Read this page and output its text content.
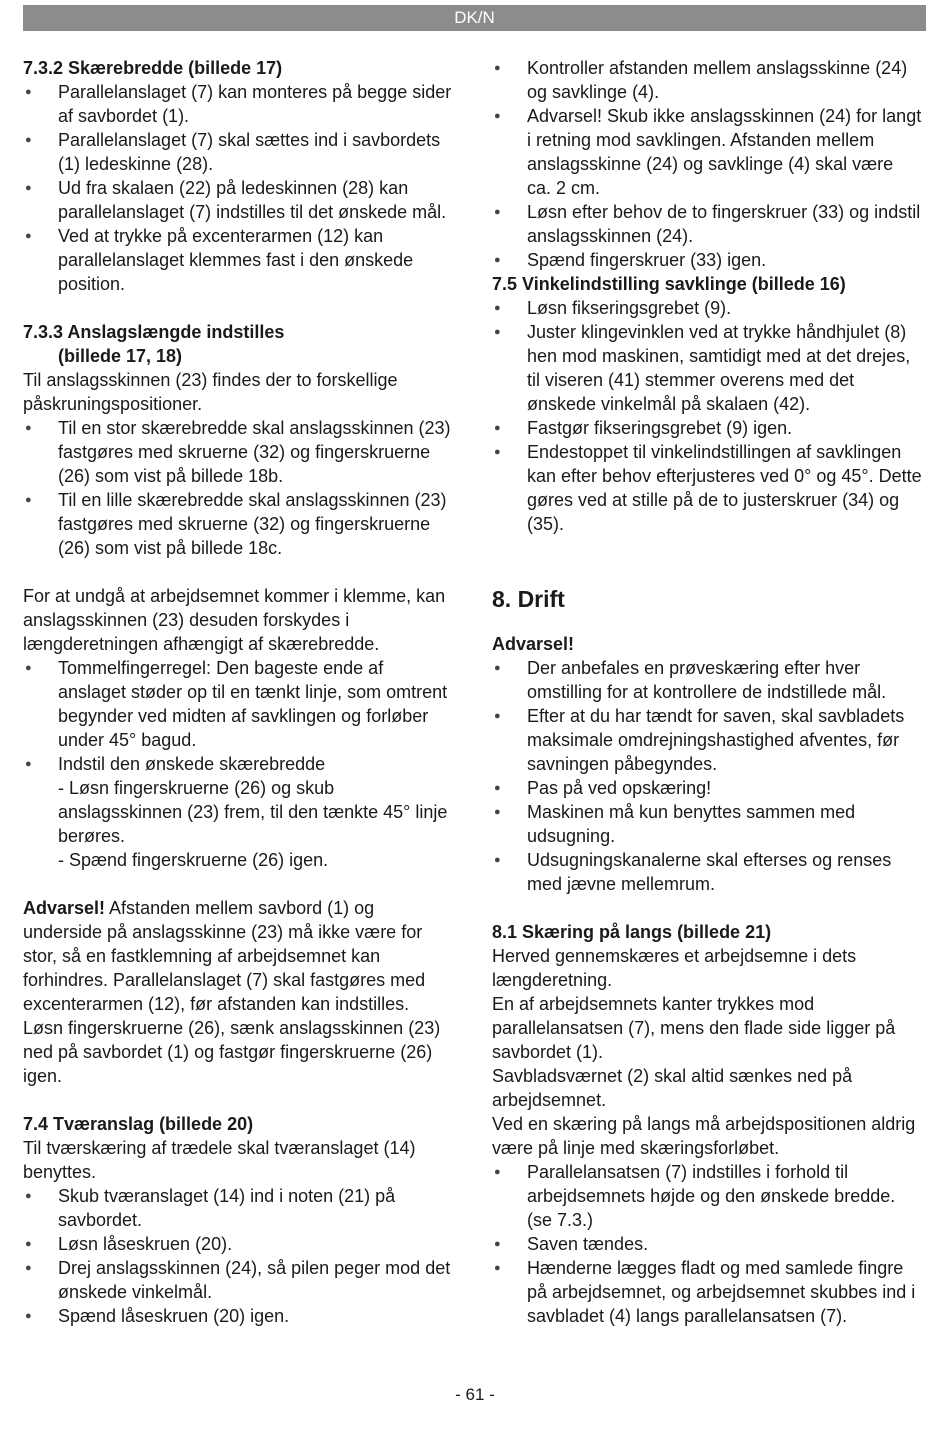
DK/N

7.3.2 Skærebredde (billede 17)

● Parallelanslaget (7) kan monteres på begge sider af savbordet (1).

● Parallelanslaget (7) skal sættes ind i savbordets (1) ledeskinne (28).

● Ud fra skalaen (22) på ledeskinnen (28) kan parallelanslaget (7) indstilles til det ønskede mål.

● Ved at trykke på excenterarmen (12) kan parallelanslaget klemmes fast i den ønskede position.

7.3.3 Anslagslængde indstilles

(billede 17, 18)

Til anslagsskinnen (23) findes der to forskellige påskruningspositioner.

● Til en stor skærebredde skal anslagsskinnen (23) fastgøres med skruerne (32) og fingerskruerne (26) som vist på billede 18b.

● Til en lille skærebredde skal anslagsskinnen (23) fastgøres med skruerne (32) og fingerskruerne (26) som vist på billede 18c.

For at undgå at arbejdsemnet kommer i klemme, kan anslagsskinnen (23) desuden forskydes i længderetningen afhængigt af skærebredde.

● Tommelfingerregel: Den bageste ende af anslaget støder op til en tænkt linje, som omtrent begynder ved midten af savklingen og forløber under 45° bagud.

● Indstil den ønskede skærebredde

- Løsn fingerskruerne (26) og skub anslagsskinnen (23) frem, til den tænkte 45° linje berøres.

- Spænd fingerskruerne (26) igen.

Advarsel! Afstanden mellem savbord (1) og underside på anslagsskinne (23) må ikke være for stor, så en fastklemning af arbejdsemnet kan forhindres. Parallelanslaget (7) skal fastgøres med excenterarmen (12), før afstanden kan indstilles. Løsn fingerskruerne (26), sænk anslagsskinnen (23) ned på savbordet (1) og fastgør fingerskruerne (26) igen.

7.4 Tværanslag (billede 20)

Til tværskæring af trædele skal tværanslaget (14) benyttes.

● Skub tværanslaget (14) ind i noten (21) på savbordet.

● Løsn låseskruen (20).

● Drej anslagsskinnen (24), så pilen peger mod det ønskede vinkelmål.

● Spænd låseskruen (20) igen.

● Kontroller afstanden mellem anslagsskinne (24) og savklinge (4).

● Advarsel! Skub ikke anslagsskinnen (24) for langt i retning mod savklingen. Afstanden mellem anslagsskinne (24) og savklinge (4) skal være ca. 2 cm.

● Løsn efter behov de to fingerskruer (33) og indstil anslagsskinnen (24).

● Spænd fingerskruer (33) igen.

7.5 Vinkelindstilling savklinge (billede 16)

● Løsn fikseringsgrebet (9).

● Juster klingevinklen ved at trykke håndhjulet (8) hen mod maskinen, samtidigt med at det drejes, til viseren (41) stemmer overens med det ønskede vinkelmål på skalaen (42).

● Fastgør fikseringsgrebet (9) igen.

● Endestoppet til vinkelindstillingen af savklingen kan efter behov efterjusteres ved 0° og 45°. Dette gøres ved at stille på de to justerskruer (34) og (35).

8. Drift

Advarsel!

● Der anbefales en prøveskæring efter hver omstilling for at kontrollere de indstillede mål.

● Efter at du har tændt for saven, skal savbladets maksimale omdrejningshastighed afventes, før savningen påbegyndes.

● Pas på ved opskæring!

● Maskinen må kun benyttes sammen med udsugning.

● Udsugningskanalerne skal efterses og renses med jævne mellemrum.

8.1 Skæring på langs (billede 21)

Herved gennemskæres et arbejdsemne i dets længderetning.

En af arbejdsemnets kanter trykkes mod parallelansatsen (7), mens den flade side ligger på savbordet (1).

Savbladsværnet (2) skal altid sænkes ned på arbejdsemnet.

Ved en skæring på langs må arbejdspositionen aldrig være på linje med skæringsforløbet.

● Parallelansatsen (7) indstilles i forhold til arbejdsemnets højde og den ønskede bredde. (se 7.3.)

● Saven tændes.

● Hænderne lægges fladt og med samlede fingre på arbejdsemnet, og arbejdsemnet skubbes ind i savbladet (4) langs parallelansatsen (7).

- 61 -
